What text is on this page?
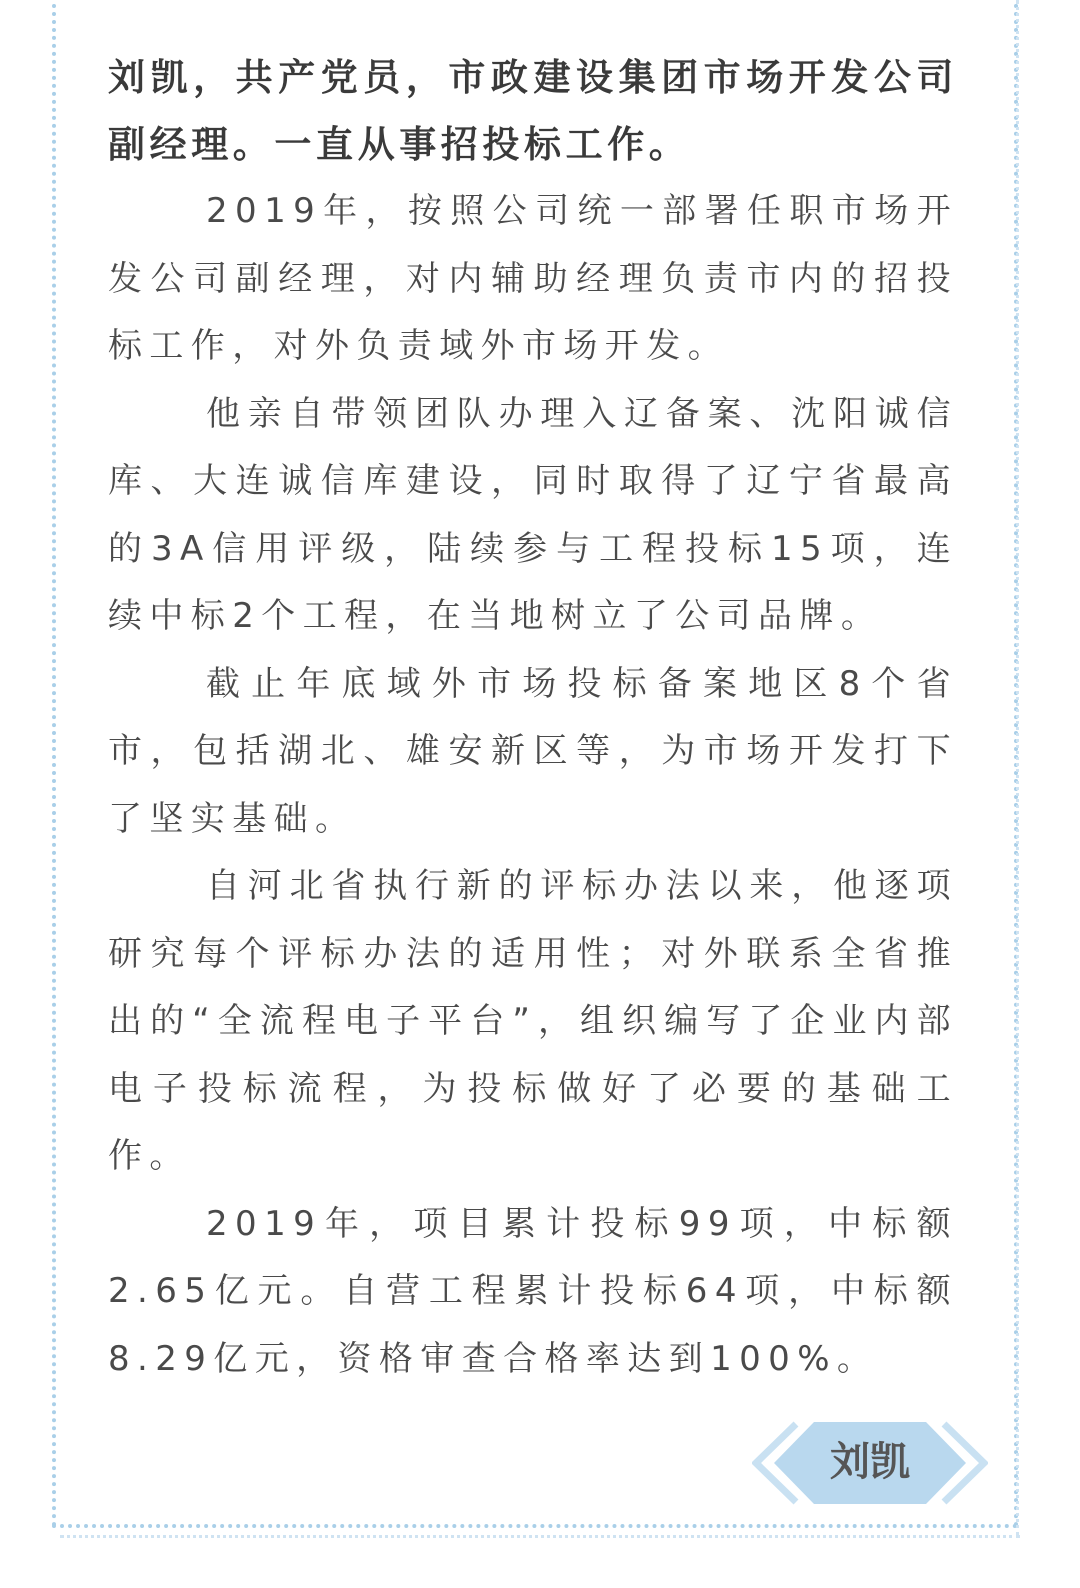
刘凯，共产党员，市政建设集团市场开发公司副经理。一直从事招投标工作。

2019年，按照公司统一部署任职市场开发公司副经理，对内辅助经理负责市内的招投标工作，对外负责域外市场开发。

他亲自带领团队办理入辽备案、沈阳诚信库、大连诚信库建设，同时取得了辽宁省最高的3A信用评级，陆续参与工程投标15项，连续中标2个工程，在当地树立了公司品牌。

截止年底域外市场投标备案地区8个省市，包括湖北、雄安新区等，为市场开发打下了坚实基础。

自河北省执行新的评标办法以来，他逐项研究每个评标办法的适用性；对外联系全省推出的“全流程电子平台”，组织编写了企业内部电子投标流程，为投标做好了必要的基础工作。

2019年，项目累计投标99项，中标额2.65亿元。自营工程累计投标64项，中标额8.29亿元，资格审查合格率达到100%。

刘凯
